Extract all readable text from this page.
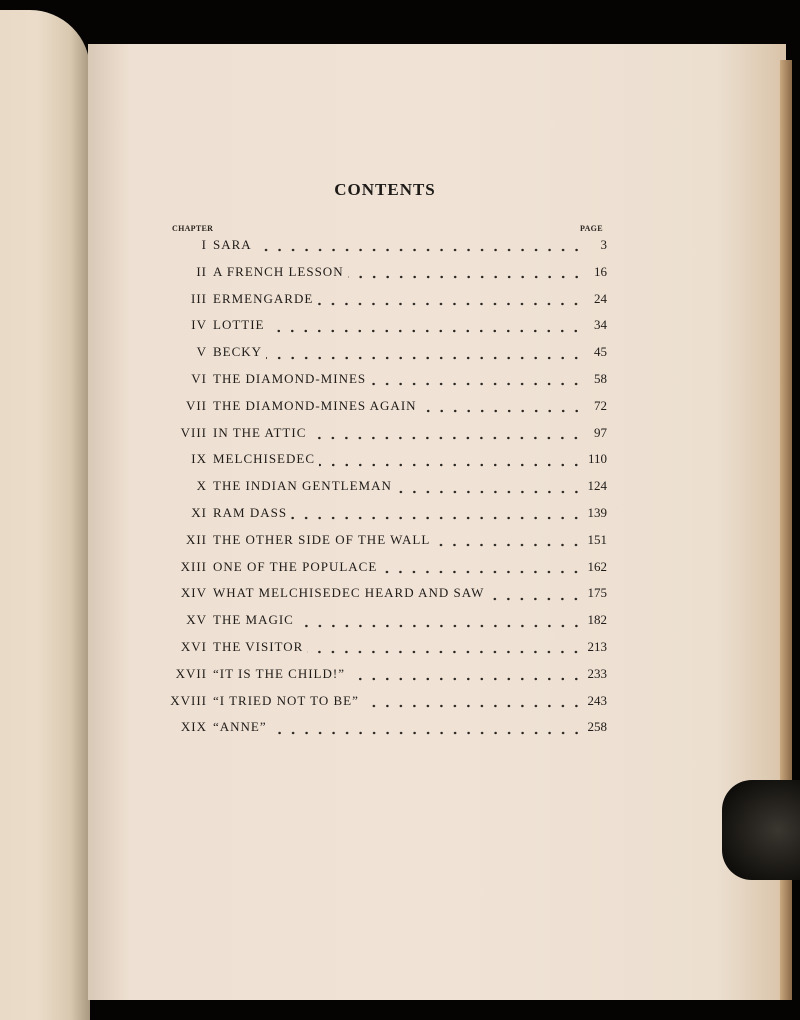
CONTENTS
CHAPTER	PAGE
I SARA	3
II A FRENCH LESSON	16
III ERMENGARDE	24
IV LOTTIE	34
V BECKY	45
VI THE DIAMOND-MINES	58
VII THE DIAMOND-MINES AGAIN	72
VIII IN THE ATTIC	97
IX MELCHISEDEC	110
X THE INDIAN GENTLEMAN	124
XI RAM DASS	139
XII THE OTHER SIDE OF THE WALL	151
XIII ONE OF THE POPULACE	162
XIV WHAT MELCHISEDEC HEARD AND SAW	175
XV THE MAGIC	182
XVI THE VISITOR	213
XVII “IT IS THE CHILD!”	233
XVIII “I TRIED NOT TO BE”	243
XIX “ANNE”	258
